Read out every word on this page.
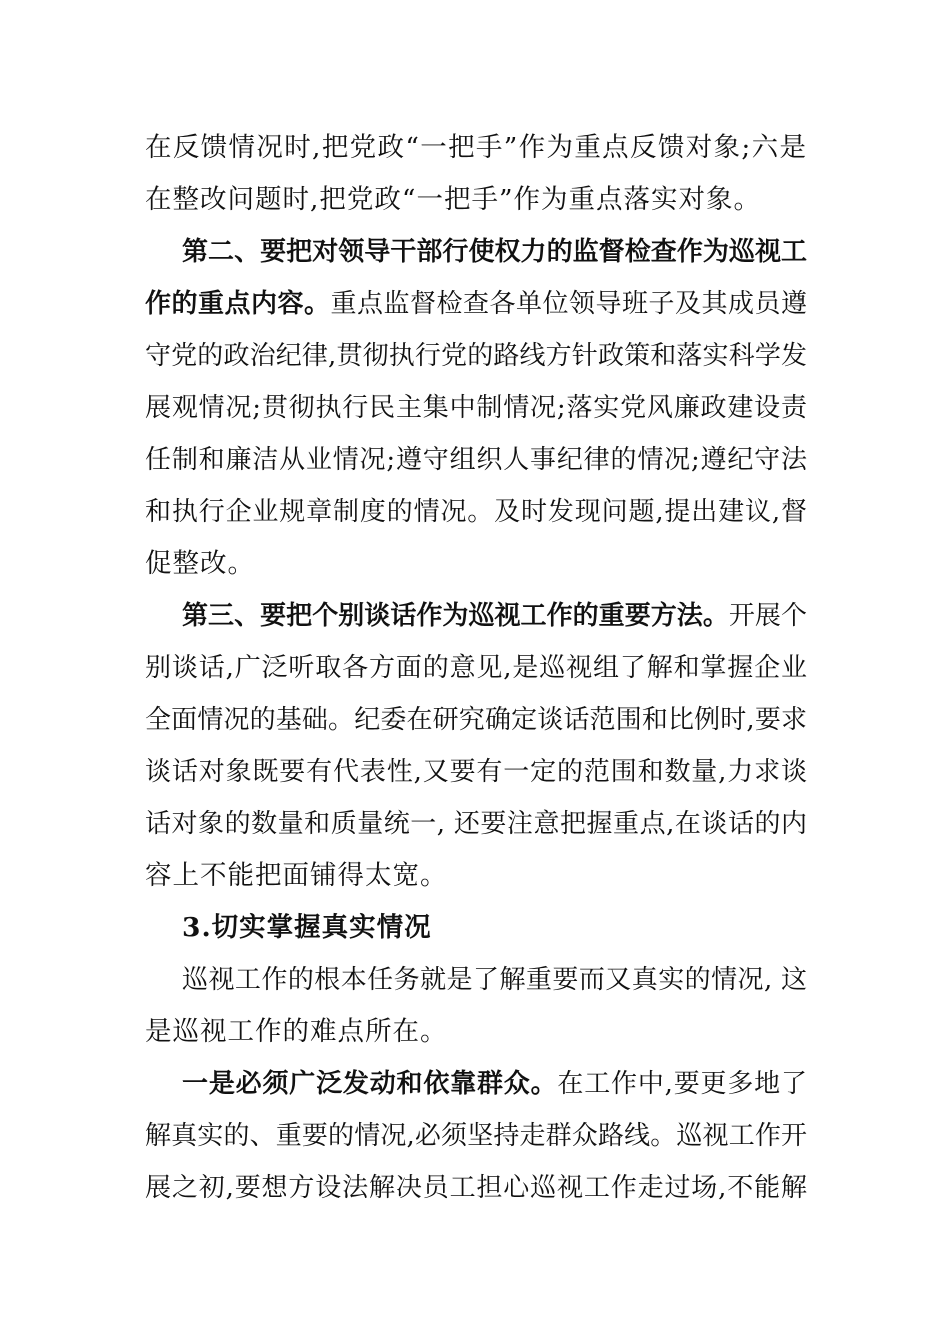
在反馈情况时,把党政“一把手”作为重点反馈对象;六是
在整改问题时,把党政“一把手”作为重点落实对象。
第二、要把对领导干部行使权力的监督检查作为巡视工
作的重点内容。重点监督检查各单位领导班子及其成员遵
守党的政治纪律,贯彻执行党的路线方针政策和落实科学发
展观情况;贯彻执行民主集中制情况;落实党风廉政建设责
任制和廉洁从业情况;遵守组织人事纪律的情况;遵纪守法
和执行企业规章制度的情况。及时发现问题,提出建议,督
促整改。
第三、要把个别谈话作为巡视工作的重要方法。开展个
别谈话,广泛听取各方面的意见,是巡视组了解和掌握企业
全面情况的基础。纪委在研究确定谈话范围和比例时,要求
谈话对象既要有代表性,又要有一定的范围和数量,力求谈
话对象的数量和质量统一, 还要注意把握重点,在谈话的内
容上不能把面铺得太宽。
3.切实掌握真实情况
巡视工作的根本任务就是了解重要而又真实的情况, 这
是巡视工作的难点所在。
一是必须广泛发动和依靠群众。在工作中,要更多地了
解真实的、重要的情况,必须坚持走群众路线。巡视工作开
展之初,要想方设法解决员工担心巡视工作走过场,不能解
